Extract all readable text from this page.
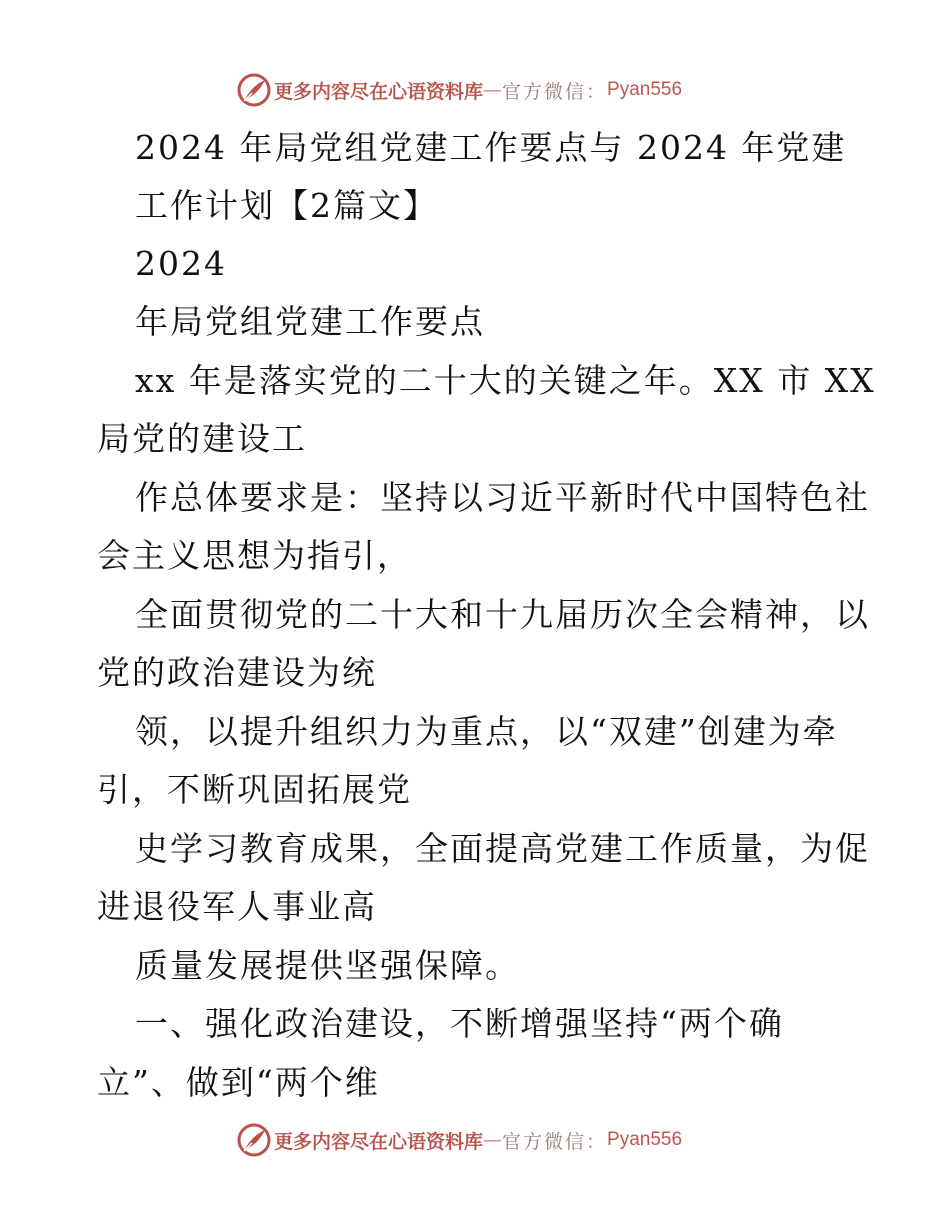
更多内容尽在心语资料库 — 官方微信： Pyan556
2024 年局党组党建工作要点与 2024 年党建
工作计划【2篇文】
2024
年局党组党建工作要点
xx 年是落实党的二十大的关键之年。XX 市 XX
局党的建设工
作总体要求是：坚持以习近平新时代中国特色社
会主义思想为指引，
全面贯彻党的二十大和十九届历次全会精神，以
党的政治建设为统
领，以提升组织力为重点，以“双建”创建为牵
引，不断巩固拓展党
史学习教育成果，全面提高党建工作质量，为促
进退役军人事业高
质量发展提供坚强保障。
一、强化政治建设，不断增强坚持“两个确
立”、做到“两个维
更多内容尽在心语资料库 — 官方微信： Pyan556
